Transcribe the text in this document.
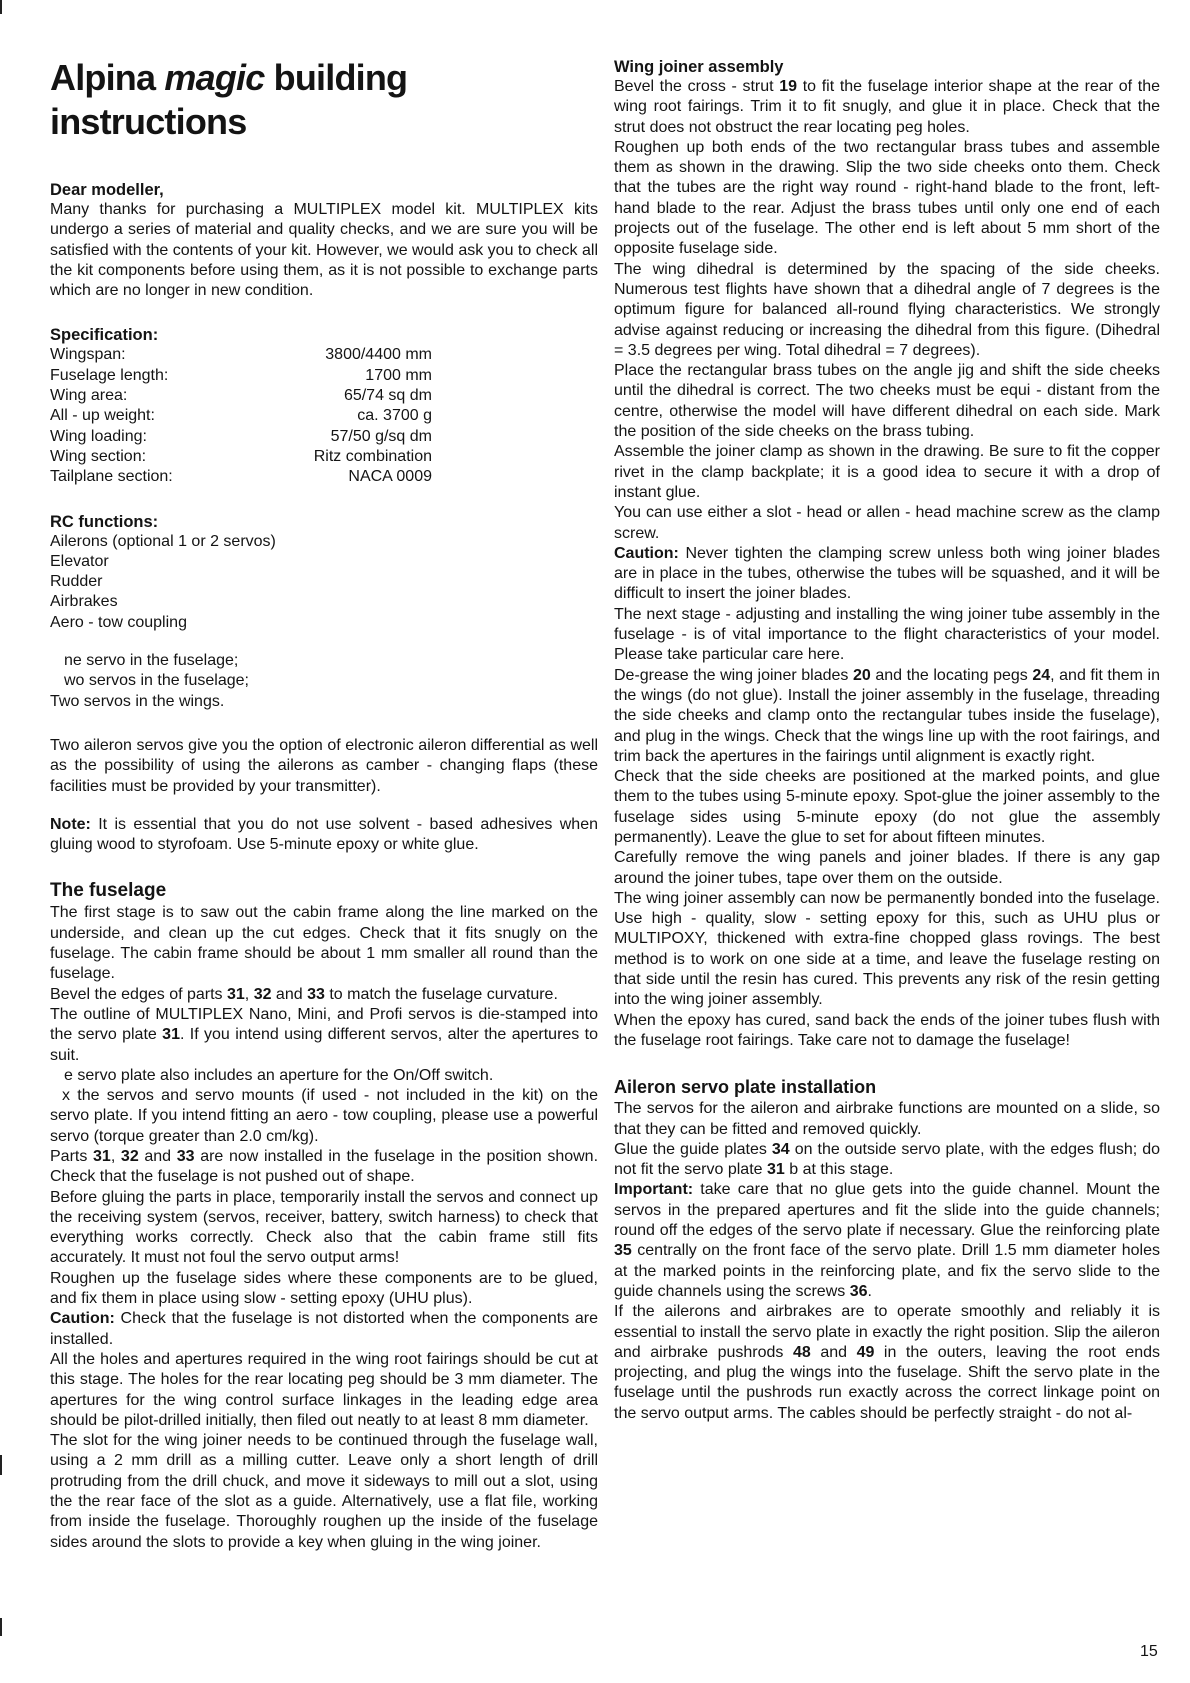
Alpina magic building instructions
Dear modeller,

Many thanks for purchasing a MULTIPLEX model kit. MULTIPLEX kits undergo a series of material and quality checks, and we are sure you will be satisfied with the contents of your kit. However, we would ask you to check all the kit components before using them, as it is not possible to exchange parts which are no longer in new condition.

Specification:
Wingspan:	3800/4400 mm
Fuselage length:	1700 mm
Wing area:	65/74 sq dm
All - up weight:	ca. 3700 g
Wing loading:	57/50 g/sq dm
Wing section:	Ritz combination
Tailplane section:	NACA 0009
RC functions:
Ailerons (optional 1 or 2 servos)
Elevator
Rudder
Airbrakes
Aero - tow coupling
ne servo in the fuselage;
wo servos in the fuselage;
Two servos in the wings.

Two aileron servos give you the option of electronic aileron differential as well as the possibility of using the ailerons as camber - changing flaps (these facilities must be provided by your transmitter).

Note: It is essential that you do not use solvent - based adhesives when gluing wood to styrofoam. Use 5-minute epoxy or white glue.

The fuselage

The first stage is to saw out the cabin frame along the line marked on the underside, and clean up the cut edges. Check that it fits snugly on the fuselage. The cabin frame should be about 1 mm smaller all round than the fuselage.

Bevel the edges of parts 31, 32 and 33 to match the fuselage curvature.

The outline of MULTIPLEX Nano, Mini, and Profi servos is die-stamped into the servo plate 31. If you intend using different servos, alter the apertures to suit.

e servo plate also includes an aperture for the On/Off switch.

x the servos and servo mounts (if used - not included in the kit) on the servo plate. If you intend fitting an aero - tow coupling, please use a powerful servo (torque greater than 2.0 cm/kg).

Parts 31, 32 and 33 are now installed in the fuselage in the position shown. Check that the fuselage is not pushed out of shape.

Before gluing the parts in place, temporarily install the servos and connect up the receiving system (servos, receiver, battery, switch harness) to check that everything works correctly. Check also that the cabin frame still fits accurately. It must not foul the servo output arms!

Roughen up the fuselage sides where these components are to be glued, and fix them in place using slow - setting epoxy (UHU plus).

Caution: Check that the fuselage is not distorted when the components are installed.

All the holes and apertures required in the wing root fairings should be cut at this stage. The holes for the rear locating peg should be 3 mm diameter. The apertures for the wing control surface linkages in the leading edge area should be pilot-drilled initially, then filed out neatly to at least 8 mm diameter.

The slot for the wing joiner needs to be continued through the fuselage wall, using a 2 mm drill as a milling cutter. Leave only a short length of drill protruding from the drill chuck, and move it sideways to mill out a slot, using the the rear face of the slot as a guide. Alternatively, use a flat file, working from inside the fuselage. Thoroughly roughen up the inside of the fuselage sides around the slots to provide a key when gluing in the wing joiner.

Wing joiner assembly

Bevel the cross - strut 19 to fit the fuselage interior shape at the rear of the wing root fairings. Trim it to fit snugly, and glue it in place. Check that the strut does not obstruct the rear locating peg holes.

Roughen up both ends of the two rectangular brass tubes and assemble them as shown in the drawing. Slip the two side cheeks onto them. Check that the tubes are the right way round - right-hand blade to the front, left-hand blade to the rear. Adjust the brass tubes until only one end of each projects out of the fuselage. The other end is left about 5 mm short of the opposite fuselage side.

The wing dihedral is determined by the spacing of the side cheeks. Numerous test flights have shown that a dihedral angle of 7 degrees is the optimum figure for balanced all-round flying characteristics. We strongly advise against reducing or increasing the dihedral from this figure. (Dihedral = 3.5 degrees per wing. Total dihedral = 7 degrees).

Place the rectangular brass tubes on the angle jig and shift the side cheeks until the dihedral is correct. The two cheeks must be equi - distant from the centre, otherwise the model will have different dihedral on each side. Mark the position of the side cheeks on the brass tubing.

Assemble the joiner clamp as shown in the drawing. Be sure to fit the copper rivet in the clamp backplate; it is a good idea to secure it with a drop of instant glue.

You can use either a slot - head or allen - head machine screw as the clamp screw.

Caution: Never tighten the clamping screw unless both wing joiner blades are in place in the tubes, otherwise the tubes will be squashed, and it will be difficult to insert the joiner blades.

The next stage - adjusting and installing the wing joiner tube assembly in the fuselage - is of vital importance to the flight characteristics of your model. Please take particular care here.

De-grease the wing joiner blades 20 and the locating pegs 24, and fit them in the wings (do not glue). Install the joiner assembly in the fuselage, threading the side cheeks and clamp onto the rectangular tubes inside the fuselage), and plug in the wings. Check that the wings line up with the root fairings, and trim back the apertures in the fairings until alignment is exactly right.

Check that the side cheeks are positioned at the marked points, and glue them to the tubes using 5-minute epoxy. Spot-glue the joiner assembly to the fuselage sides using 5-minute epoxy (do not glue the assembly permanently). Leave the glue to set for about fifteen minutes.

Carefully remove the wing panels and joiner blades. If there is any gap around the joiner tubes, tape over them on the outside.

The wing joiner assembly can now be permanently bonded into the fuselage. Use high - quality, slow - setting epoxy for this, such as UHU plus or MULTIPOXY, thickened with extra-fine chopped glass rovings. The best method is to work on one side at a time, and leave the fuselage resting on that side until the resin has cured. This prevents any risk of the resin getting into the wing joiner assembly.

When the epoxy has cured, sand back the ends of the joiner tubes flush with the fuselage root fairings. Take care not to damage the fuselage!

Aileron servo plate installation

The servos for the aileron and airbrake functions are mounted on a slide, so that they can be fitted and removed quickly.

Glue the guide plates 34 on the outside servo plate, with the edges flush; do not fit the servo plate 31 b at this stage.

Important: take care that no glue gets into the guide channel. Mount the servos in the prepared apertures and fit the slide into the guide channels; round off the edges of the servo plate if necessary. Glue the reinforcing plate 35 centrally on the front face of the servo plate. Drill 1.5 mm diameter holes at the marked points in the reinforcing plate, and fix the servo slide to the guide channels using the screws 36.

If the ailerons and airbrakes are to operate smoothly and reliably it is essential to install the servo plate in exactly the right position. Slip the aileron and airbrake pushrods 48 and 49 in the outers, leaving the root ends projecting, and plug the wings into the fuselage. Shift the servo plate in the fuselage until the pushrods run exactly across the correct linkage point on the servo output arms. The cables should be perfectly straight - do not al-

15
